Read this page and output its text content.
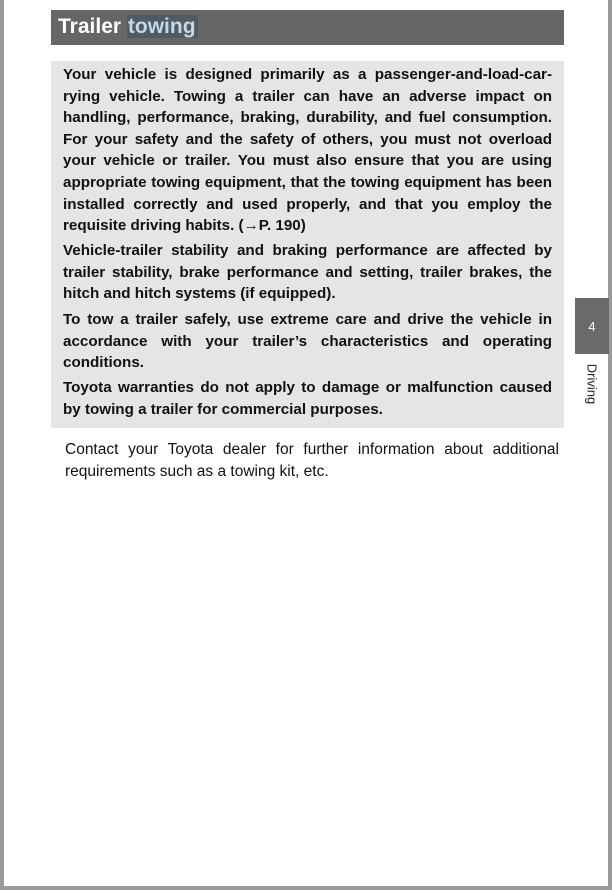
Trailer towing

Your vehicle is designed primarily as a passenger-and-load-carrying vehicle. Towing a trailer can have an adverse impact on handling, performance, braking, durability, and fuel consumption. For your safety and the safety of others, you must not overload your vehicle or trailer. You must also ensure that you are using appropriate towing equipment, that the towing equipment has been installed correctly and used properly, and that you employ the requisite driving habits. (→P. 190)

Vehicle-trailer stability and braking performance are affected by trailer stability, brake performance and setting, trailer brakes, the hitch and hitch systems (if equipped).

To tow a trailer safely, use extreme care and drive the vehicle in accordance with your trailer’s characteristics and operating conditions.

Toyota warranties do not apply to damage or malfunction caused by towing a trailer for commercial purposes.

Contact your Toyota dealer for further information about additional requirements such as a towing kit, etc.

4
Driving
